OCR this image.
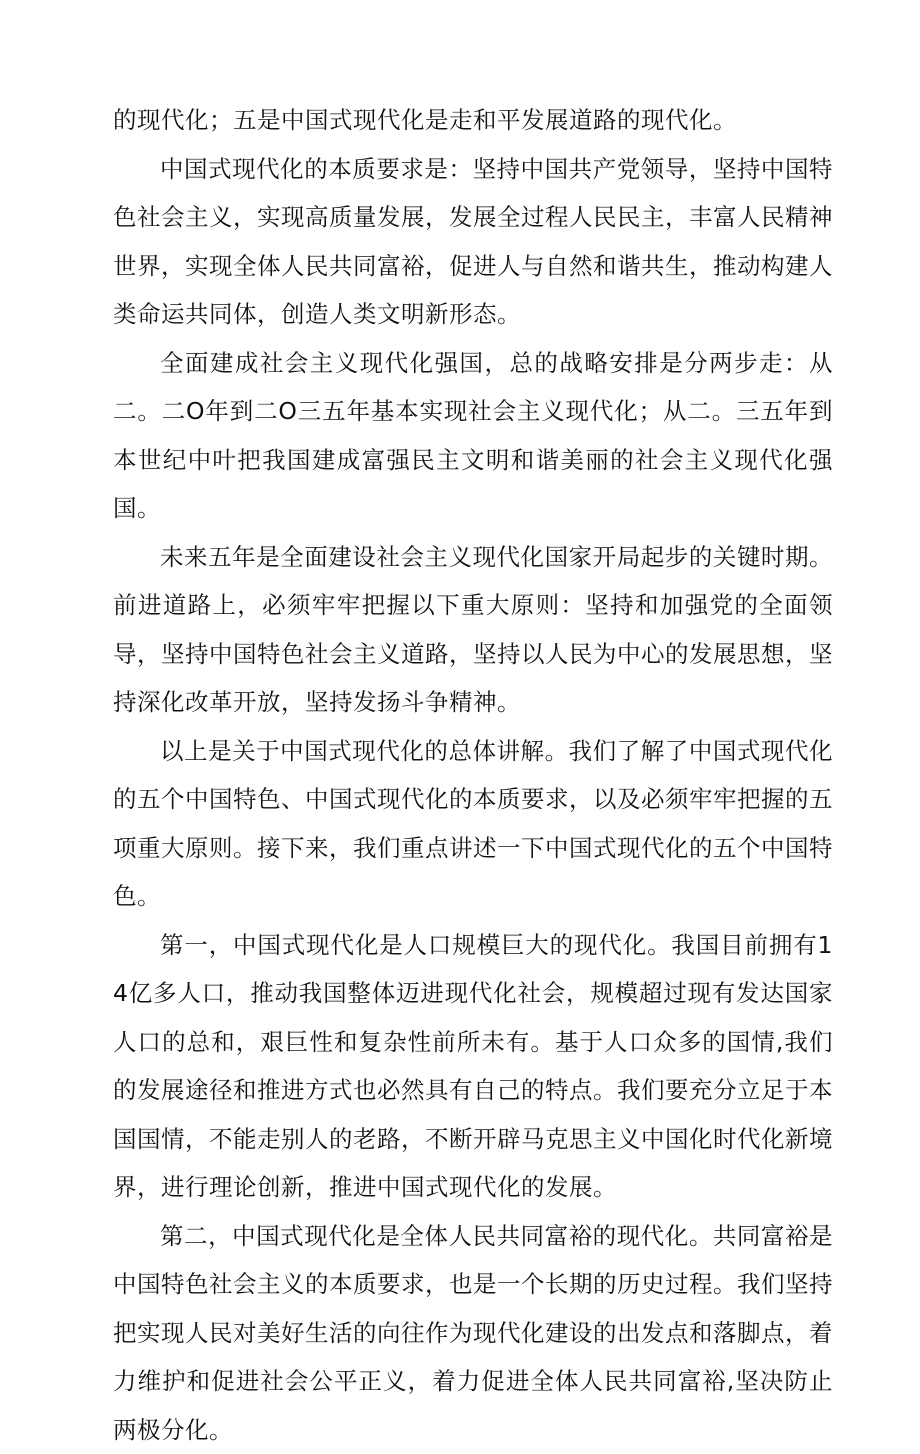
的现代化；五是中国式现代化是走和平发展道路的现代化。

中国式现代化的本质要求是：坚持中国共产党领导，坚持中国特色社会主义，实现高质量发展，发展全过程人民民主，丰富人民精神世界，实现全体人民共同富裕，促进人与自然和谐共生，推动构建人类命运共同体，创造人类文明新形态。

全面建成社会主义现代化强国，总的战略安排是分两步走：从二。二O年到二O三五年基本实现社会主义现代化；从二。三五年到本世纪中叶把我国建成富强民主文明和谐美丽的社会主义现代化强国。

未来五年是全面建设社会主义现代化国家开局起步的关键时期。前进道路上，必须牢牢把握以下重大原则：坚持和加强党的全面领导，坚持中国特色社会主义道路，坚持以人民为中心的发展思想，坚持深化改革开放，坚持发扬斗争精神。

以上是关于中国式现代化的总体讲解。我们了解了中国式现代化的五个中国特色、中国式现代化的本质要求，以及必须牢牢把握的五项重大原则。接下来，我们重点讲述一下中国式现代化的五个中国特色。

第一，中国式现代化是人口规模巨大的现代化。我国目前拥有14亿多人口，推动我国整体迈进现代化社会，规模超过现有发达国家人口的总和，艰巨性和复杂性前所未有。基于人口众多的国情,我们的发展途径和推进方式也必然具有自己的特点。我们要充分立足于本国国情，不能走别人的老路，不断开辟马克思主义中国化时代化新境界，进行理论创新，推进中国式现代化的发展。

第二，中国式现代化是全体人民共同富裕的现代化。共同富裕是中国特色社会主义的本质要求，也是一个长期的历史过程。我们坚持把实现人民对美好生活的向往作为现代化建设的出发点和落脚点，着力维护和促进社会公平正义，着力促进全体人民共同富裕,坚决防止两极分化。
